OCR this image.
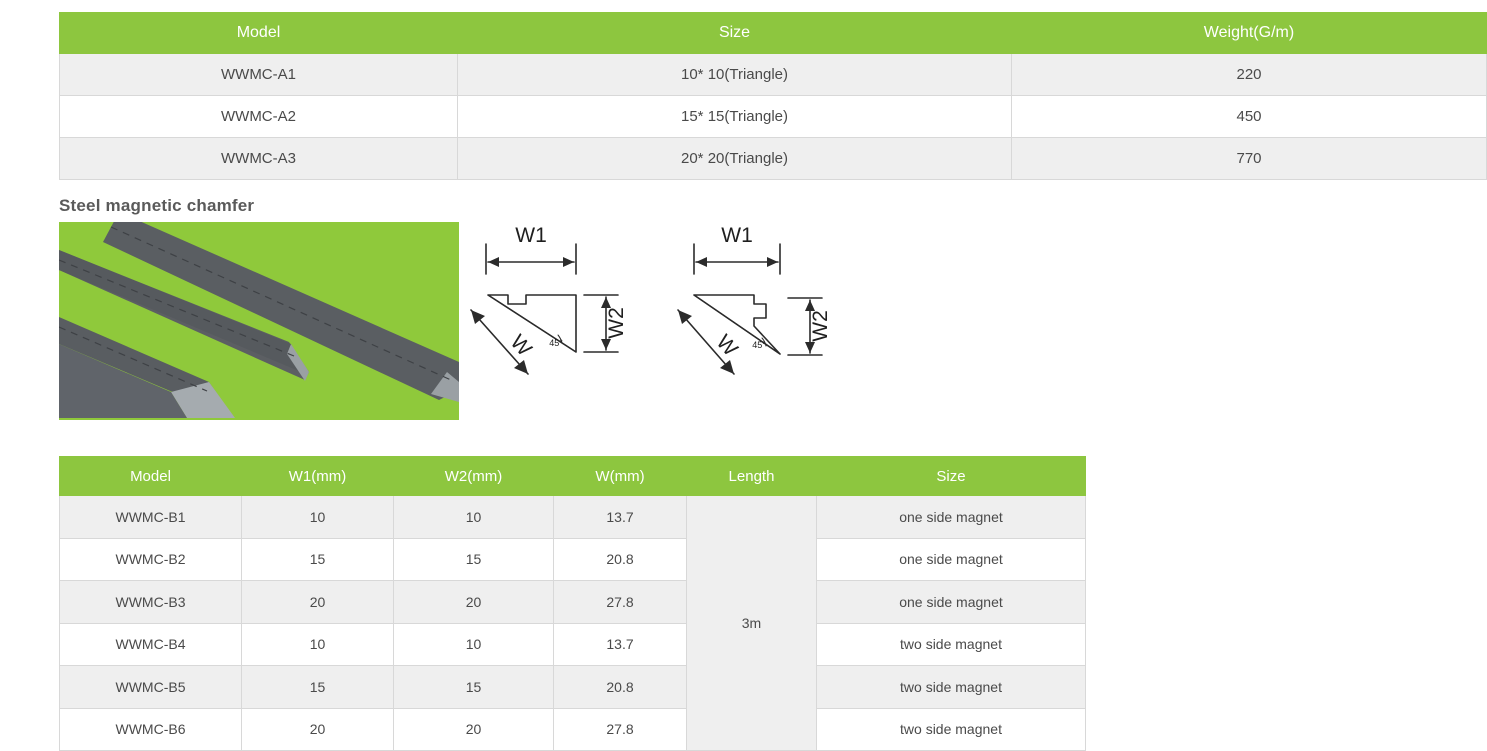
Model	Size	Weight(G/m)
WWMC-A1	10* 10(Triangle)	220
WWMC-A2	15* 15(Triangle)	450
WWMC-A3	20* 20(Triangle)	770
Steel magnetic chamfer
W1	W1
W2	W2
W	W
45°	45°
Model	W1(mm)	W2(mm)	W(mm)	Length	Size
WWMC-B1	10	10	13.7	3m	one side magnet
WWMC-B2	15	15	20.8		one side magnet
WWMC-B3	20	20	27.8		one side magnet
WWMC-B4	10	10	13.7		two side magnet
WWMC-B5	15	15	20.8		two side magnet
WWMC-B6	20	20	27.8		two side magnet
